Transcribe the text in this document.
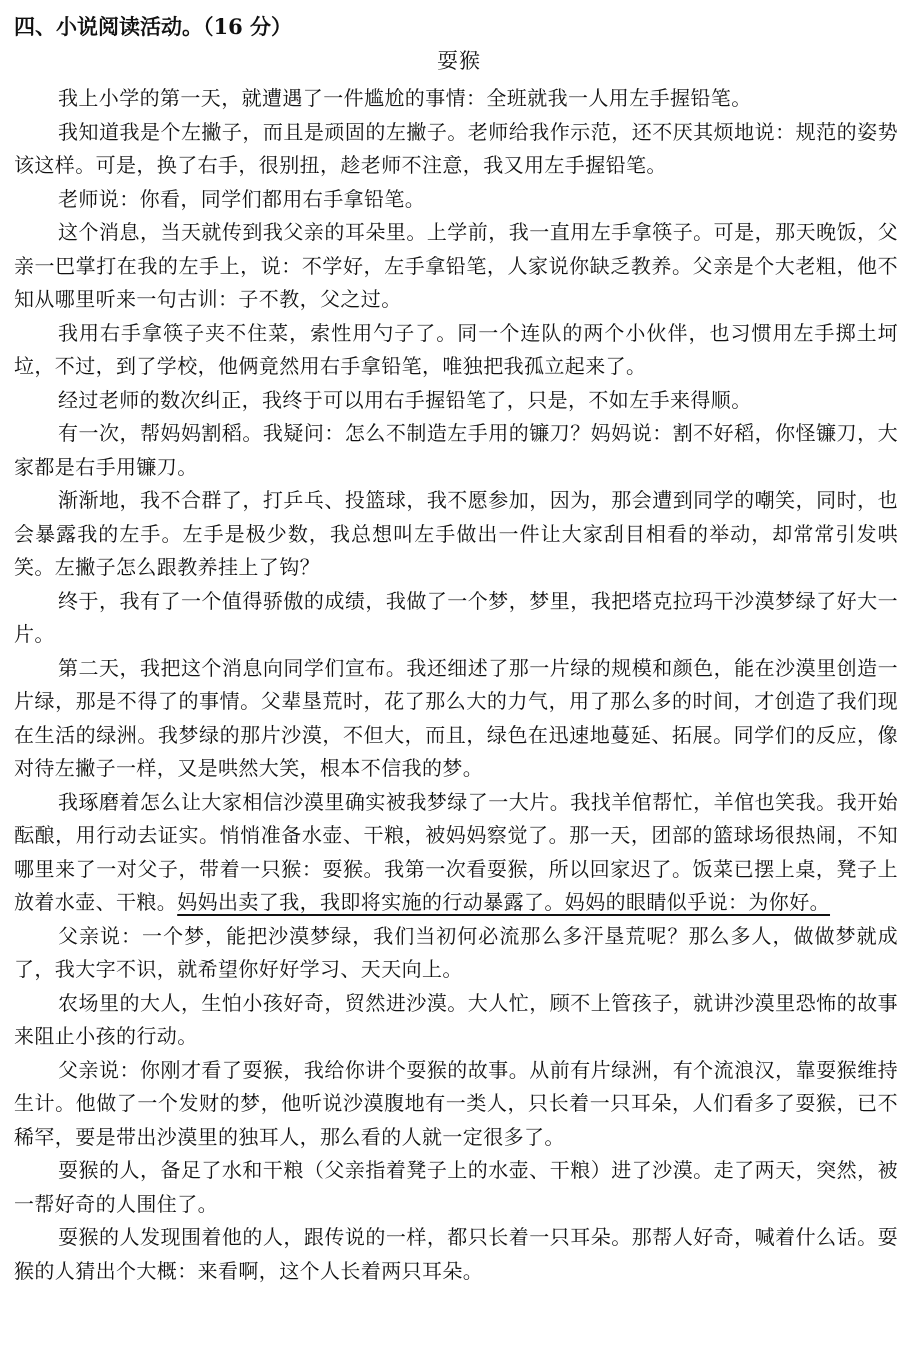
四、小说阅读活动。（16 分）
耍猴

我上小学的第一天，就遭遇了一件尴尬的事情：全班就我一人用左手握铅笔。

我知道我是个左撇子，而且是顽固的左撇子。老师给我作示范，还不厌其烦地说：规范的姿势该这样。可是，换了右手，很别扭，趁老师不注意，我又用左手握铅笔。

老师说：你看，同学们都用右手拿铅笔。

这个消息，当天就传到我父亲的耳朵里。上学前，我一直用左手拿筷子。可是，那天晚饭，父亲一巴掌打在我的左手上，说：不学好，左手拿铅笔，人家说你缺乏教养。父亲是个大老粗，他不知从哪里听来一句古训：子不教，父之过。

我用右手拿筷子夹不住菜，索性用勺子了。同一个连队的两个小伙伴，也习惯用左手掷土坷垃，不过，到了学校，他俩竟然用右手拿铅笔，唯独把我孤立起来了。

经过老师的数次纠正，我终于可以用右手握铅笔了，只是，不如左手来得顺。

有一次，帮妈妈割稻。我疑问：怎么不制造左手用的镰刀？妈妈说：割不好稻，你怪镰刀，大家都是右手用镰刀。

渐渐地，我不合群了，打乒乓、投篮球，我不愿参加，因为，那会遭到同学的嘲笑，同时，也会暴露我的左手。左手是极少数，我总想叫左手做出一件让大家刮目相看的举动，却常常引发哄笑。左撇子怎么跟教养挂上了钩？

终于，我有了一个值得骄傲的成绩，我做了一个梦，梦里，我把塔克拉玛干沙漠梦绿了好大一片。

第二天，我把这个消息向同学们宣布。我还细述了那一片绿的规模和颜色，能在沙漠里创造一片绿，那是不得了的事情。父辈垦荒时，花了那么大的力气，用了那么多的时间，才创造了我们现在生活的绿洲。我梦绿的那片沙漠，不但大，而且，绿色在迅速地蔓延、拓展。同学们的反应，像对待左撇子一样，又是哄然大笑，根本不信我的梦。

我琢磨着怎么让大家相信沙漠里确实被我梦绿了一大片。我找羊倌帮忙，羊倌也笑我。我开始酝酿，用行动去证实。悄悄准备水壶、干粮，被妈妈察觉了。那一天，团部的篮球场很热闹，不知哪里来了一对父子，带着一只猴：耍猴。我第一次看耍猴，所以回家迟了。饭菜已摆上桌，凳子上放着水壶、干粮。妈妈出卖了我，我即将实施的行动暴露了。妈妈的眼睛似乎说：为你好。

父亲说：一个梦，能把沙漠梦绿，我们当初何必流那么多汗垦荒呢？那么多人，做做梦就成了，我大字不识，就希望你好好学习、天天向上。

农场里的大人，生怕小孩好奇，贸然进沙漠。大人忙，顾不上管孩子，就讲沙漠里恐怖的故事来阻止小孩的行动。

父亲说：你刚才看了耍猴，我给你讲个耍猴的故事。从前有片绿洲，有个流浪汉，靠耍猴维持生计。他做了一个发财的梦，他听说沙漠腹地有一类人，只长着一只耳朵，人们看多了耍猴，已不稀罕，要是带出沙漠里的独耳人，那么看的人就一定很多了。

耍猴的人，备足了水和干粮（父亲指着凳子上的水壶、干粮）进了沙漠。走了两天，突然，被一帮好奇的人围住了。

耍猴的人发现围着他的人，跟传说的一样，都只长着一只耳朵。那帮人好奇，喊着什么话。耍猴的人猜出个大概：来看啊，这个人长着两只耳朵。
